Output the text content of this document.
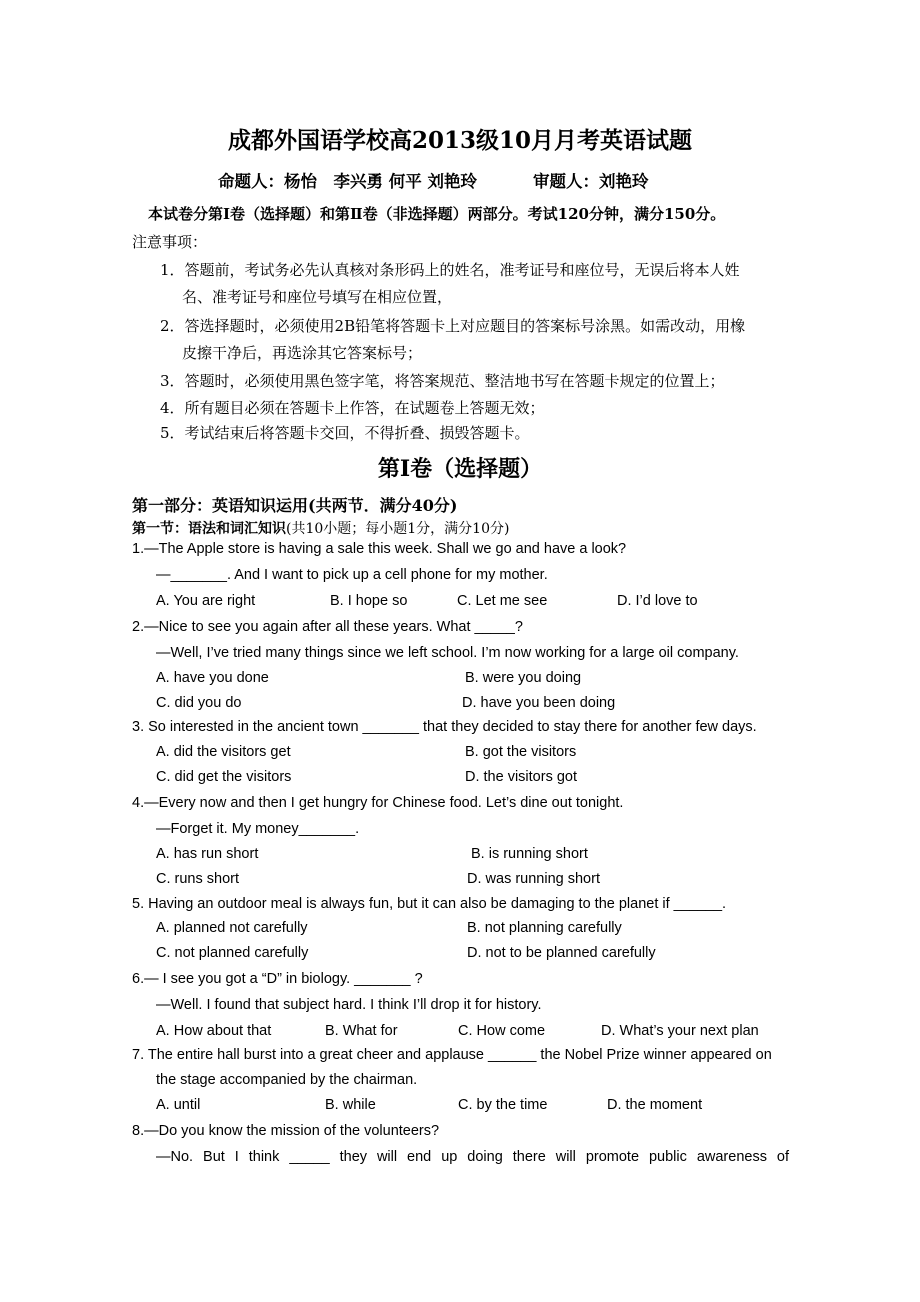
成都外国语学校高2013级10月月考英语试题
命题人：杨怡　李兴勇 何平 刘艳玲	审题人：刘艳玲
本试卷分第Ⅰ卷（选择题）和第Ⅱ卷（非选择题）两部分。考试120分钟，满分150分。
注意事项：
1．答题前，考试务必先认真核对条形码上的姓名，准考证号和座位号，无误后将本人姓
名、准考证号和座位号填写在相应位置，
2．答选择题时，必须使用2B铅笔将答题卡上对应题目的答案标号涂黑。如需改动，用橡
皮擦干净后，再选涂其它答案标号；
3．答题时，必须使用黑色签字笔，将答案规范、整洁地书写在答题卡规定的位置上；
4．所有题目必须在答题卡上作答，在试题卷上答题无效；
5．考试结束后将答题卡交回，不得折叠、损毁答题卡。
第Ⅰ卷（选择题）
第一部分：英语知识运用(共两节．满分40分)
第一节：语法和词汇知识(共10小题；每小题1分，满分10分)
1.—The Apple store is having a sale this week. Shall we go and have a look?
—_______. And I want to pick up a cell phone for my mother.
A. You are right	B. I hope so	C. Let me see	D. I’d love to
2.—Nice to see you again after all these years. What _____?
—Well, I’ve tried many things since we left school. I’m now working for a large oil company.
A. have you done	B. were you doing
C. did you do	D. have you been doing
3. So interested in the ancient town _______ that they decided to stay there for another few days.
A. did the visitors get	B. got the visitors
C. did get the visitors	D. the visitors got
4.—Every now and then I get hungry for Chinese food. Let’s dine out tonight.
—Forget it. My money_______.
A. has run short	B. is running short
C. runs short	D. was running short
5. Having an outdoor meal is always fun, but it can also be damaging to the planet if ______.
A. planned not carefully	B. not planning carefully
C. not planned carefully	D. not to be planned carefully
6.— I see you got a “D” in biology. _______ ?
—Well. I found that subject hard. I think I’ll drop it for history.
A. How about that	B. What for	C. How come	D. What’s your next plan
7. The entire hall burst into a great cheer and applause ______ the Nobel Prize winner appeared on
the stage accompanied by the chairman.
A. until	B. while	C. by the time	D. the moment
8.—Do you know the mission of the volunteers?
—No. But I think _____ they will end up doing there will promote public awareness of
